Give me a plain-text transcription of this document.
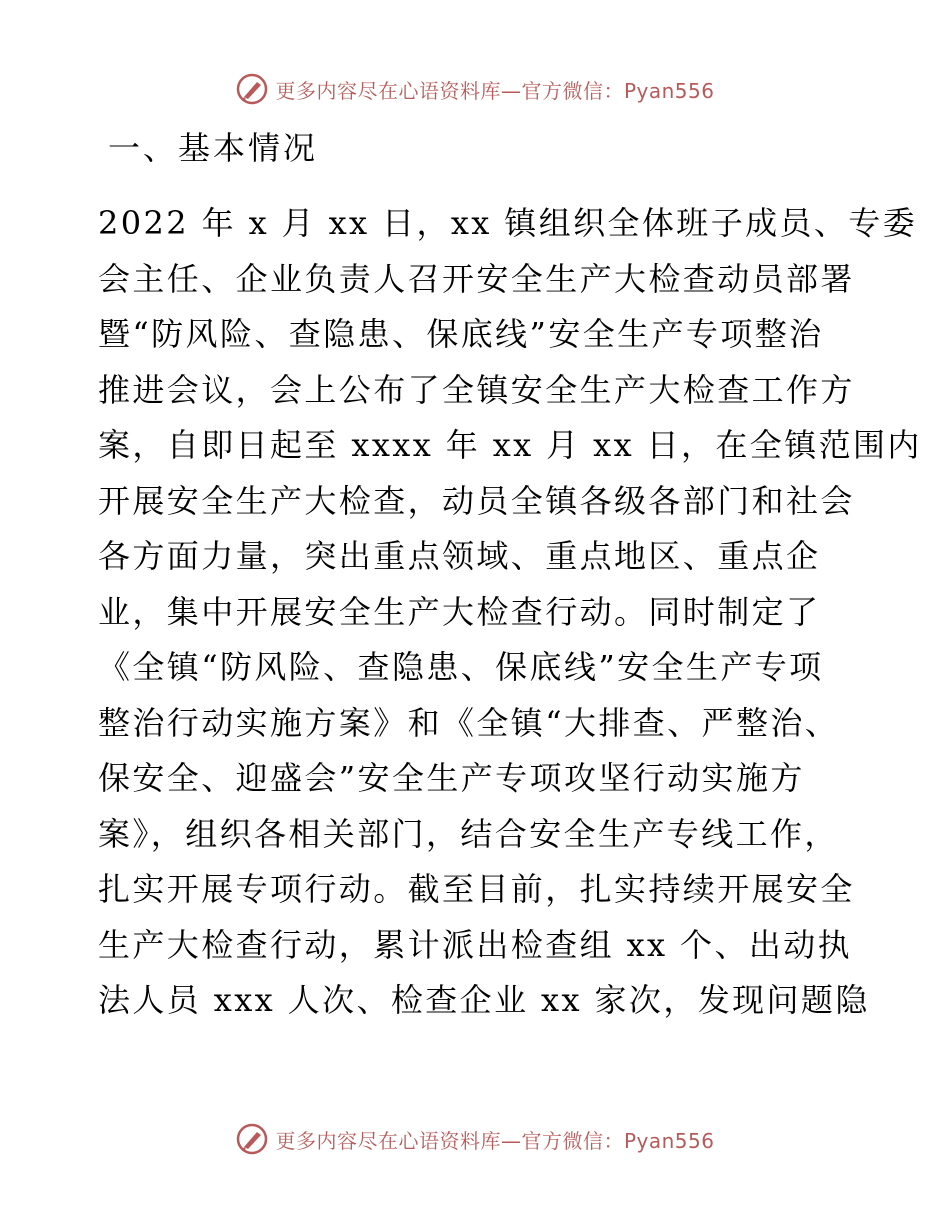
更多内容尽在心语资料库—官方微信：Pyan556
一、基本情况
2022 年 x 月 xx 日，xx 镇组织全体班子成员、专委
会主任、企业负责人召开安全生产大检查动员部署
暨“防风险、查隐患、保底线”安全生产专项整治
推进会议，会上公布了全镇安全生产大检查工作方
案，自即日起至 xxxx 年 xx 月 xx 日，在全镇范围内
开展安全生产大检查，动员全镇各级各部门和社会
各方面力量，突出重点领域、重点地区、重点企
业，集中开展安全生产大检查行动。同时制定了
《全镇“防风险、查隐患、保底线”安全生产专项
整治行动实施方案》和《全镇“大排查、严整治、
保安全、迎盛会”安全生产专项攻坚行动实施方
案》，组织各相关部门，结合安全生产专线工作，
扎实开展专项行动。截至目前，扎实持续开展安全
生产大检查行动，累计派出检查组 xx 个、出动执
法人员 xxx 人次、检查企业 xx 家次，发现问题隐
更多内容尽在心语资料库—官方微信：Pyan556
